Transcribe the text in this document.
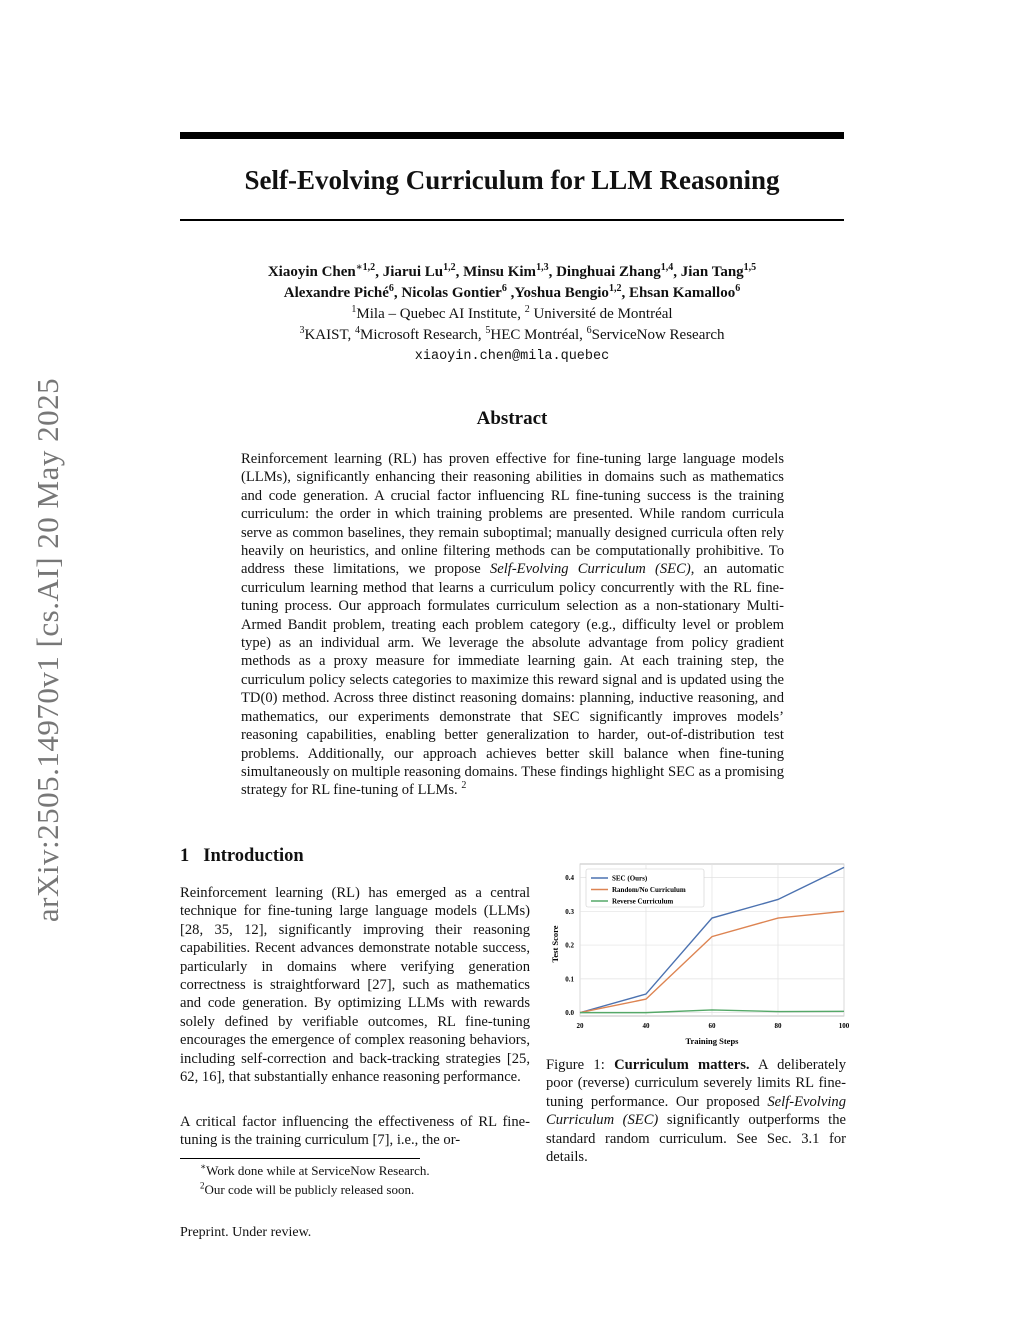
arXiv:2505.14970v1 [cs.AI] 20 May 2025
Self-Evolving Curriculum for LLM Reasoning
Xiaoyin Chen$^{∗1,2}$, Jiarui Lu$^{1,2}$, Minsu Kim$^{1,3}$, Dinghuai Zhang$^{1,4}$, Jian Tang$^{1,5}$
Alexandre Piché$^6$, Nicolas Gontier$^6$ ,Yoshua Bengio$^{1,2}$, Ehsan Kamalloo$^6$
$^1$Mila – Quebec AI Institute, $^2$ Université de Montréal
$^3$KAIST, $^4$Microsoft Research, $^5$HEC Montréal, $^6$ServiceNow Research
xiaoyin.chen@mila.quebec
Abstract
Reinforcement learning (RL) has proven effective for fine-tuning large language models (LLMs), significantly enhancing their reasoning abilities in domains such as mathematics and code generation. A crucial factor influencing RL fine-tuning success is the training curriculum: the order in which training problems are presented. While random curricula serve as common baselines, they remain suboptimal; manually designed curricula often rely heavily on heuristics, and online filtering methods can be computationally prohibitive. To address these limitations, we propose Self-Evolving Curriculum (SEC), an automatic curriculum learning method that learns a curriculum policy concurrently with the RL fine-tuning process. Our approach formulates curriculum selection as a non-stationary Multi-Armed Bandit problem, treating each problem category (e.g., difficulty level or problem type) as an individual arm. We leverage the absolute advantage from policy gradient methods as a proxy measure for immediate learning gain. At each training step, the curriculum policy selects categories to maximize this reward signal and is updated using the TD(0) method. Across three distinct reasoning domains: planning, inductive reasoning, and mathematics, our experiments demonstrate that SEC significantly improves models’ reasoning capabilities, enabling better generalization to harder, out-of-distribution test problems. Additionally, our approach achieves better skill balance when fine-tuning simultaneously on multiple reasoning domains. These findings highlight SEC as a promising strategy for RL fine-tuning of LLMs. $^2$
1 Introduction
Reinforcement learning (RL) has emerged as a central technique for fine-tuning large language models (LLMs) [28, 35, 12], significantly improving their reasoning capabilities. Recent advances demonstrate notable success, particularly in domains where verifying generation correctness is straightforward [27], such as mathematics and code generation. By optimizing LLMs with rewards solely defined by verifiable outcomes, RL fine-tuning encourages the emergence of complex reasoning behaviors, including self-correction and back-tracking strategies [25, 62, 16], that substantially enhance reasoning performance.
A critical factor influencing the effectiveness of RL fine-tuning is the training curriculum [7], i.e., the or-
∗Work done while at ServiceNow Research.
$^2$Our code will be publicly released soon.
Preprint. Under review.
20	40	60	80	100
0.0
0.1
0.2
0.3
0.4	SEC (Ours)
Random/No Curriculum
Reverse Curriculum
Training Steps
Test Score
Figure 1: Curriculum matters. A deliberately poor (reverse) curriculum severely limits RL fine-tuning performance. Our proposed Self-Evolving Curriculum (SEC) significantly outperforms the standard random curriculum. See Sec. 3.1 for details.
